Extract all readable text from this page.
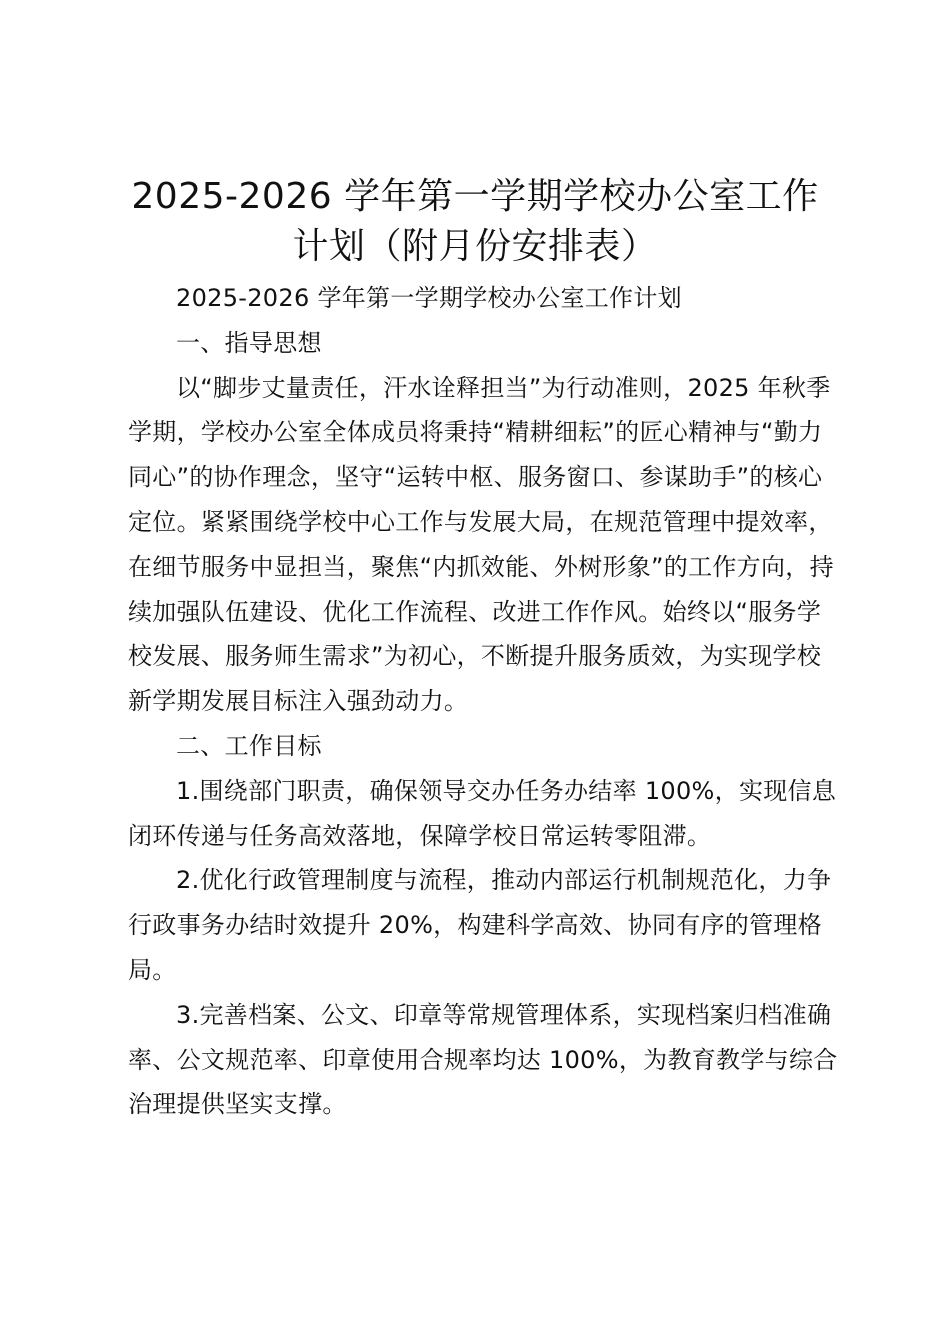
2025-2026 学年第一学期学校办公室工作计划（附月份安排表）

2025-2026 学年第一学期学校办公室工作计划

一、指导思想

以“脚步丈量责任，汗水诠释担当”为行动准则，2025 年秋季学期，学校办公室全体成员将秉持“精耕细耘”的匠心精神与“勤力同心”的协作理念，坚守“运转中枢、服务窗口、参谋助手”的核心定位。紧紧围绕学校中心工作与发展大局，在规范管理中提效率，在细节服务中显担当，聚焦“内抓效能、外树形象”的工作方向，持续加强队伍建设、优化工作流程、改进工作作风。始终以“服务学校发展、服务师生需求”为初心，不断提升服务质效，为实现学校新学期发展目标注入强劲动力。

二、工作目标

1.围绕部门职责，确保领导交办任务办结率 100%，实现信息闭环传递与任务高效落地，保障学校日常运转零阻滞。

2.优化行政管理制度与流程，推动内部运行机制规范化，力争行政事务办结时效提升 20%，构建科学高效、协同有序的管理格局。

3.完善档案、公文、印章等常规管理体系，实现档案归档准确率、公文规范率、印章使用合规率均达 100%，为教育教学与综合治理提供坚实支撑。
